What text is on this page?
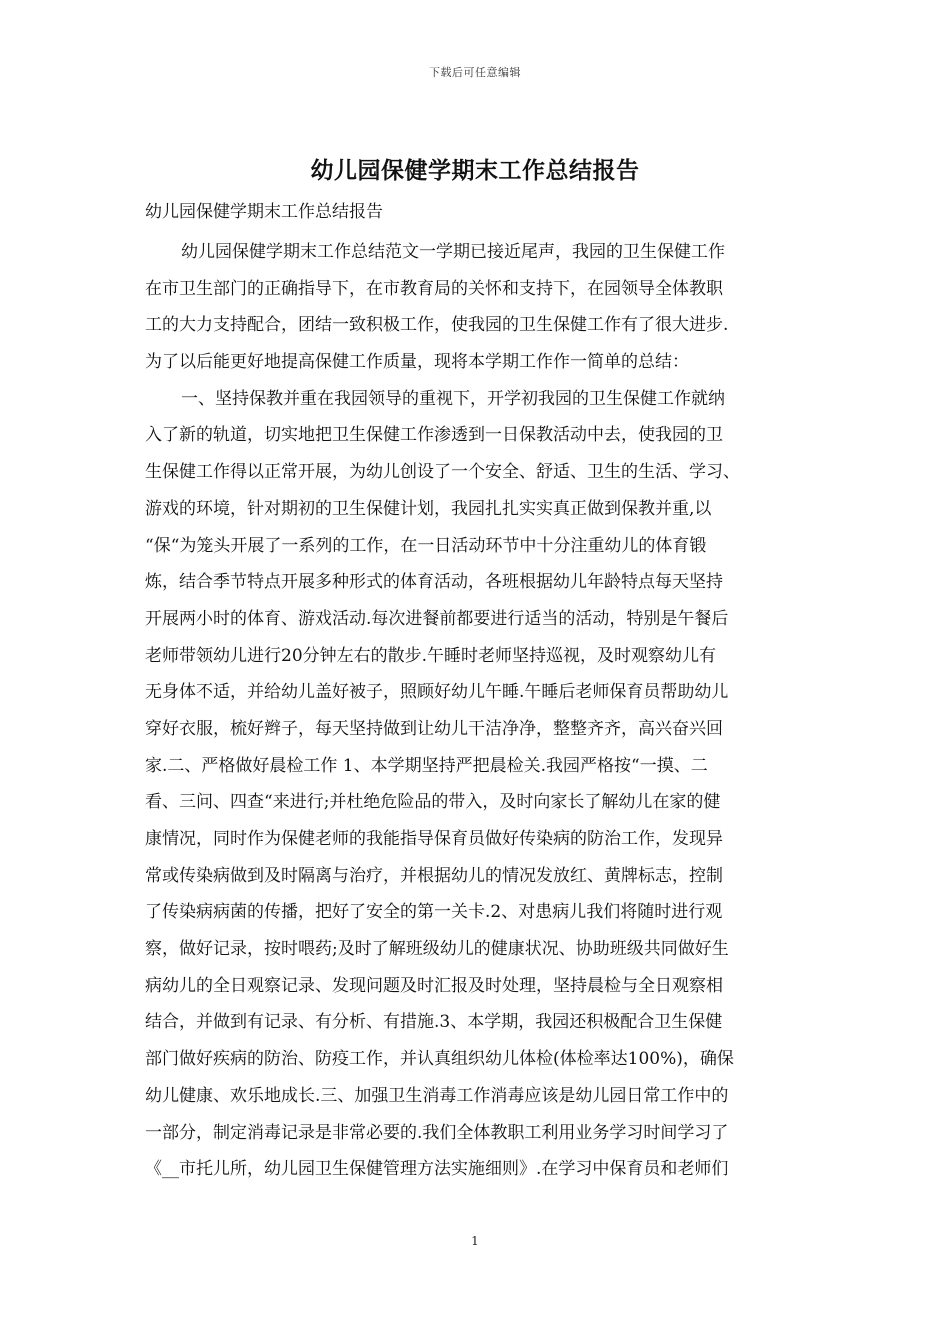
下载后可任意编辑
幼儿园保健学期末工作总结报告
幼儿园保健学期末工作总结报告
幼儿园保健学期末工作总结范文一学期已接近尾声，我园的卫生保健工作
在市卫生部门的正确指导下，在市教育局的关怀和支持下，在园领导全体教职
工的大力支持配合，团结一致积极工作，使我园的卫生保健工作有了很大进步.
为了以后能更好地提高保健工作质量，现将本学期工作作一简单的总结：
一、坚持保教并重在我园领导的重视下，开学初我园的卫生保健工作就纳
入了新的轨道，切实地把卫生保健工作渗透到一日保教活动中去，使我园的卫
生保健工作得以正常开展，为幼儿创设了一个安全、舒适、卫生的生活、学习、
游戏的环境，针对期初的卫生保健计划，我园扎扎实实真正做到保教并重,以
“保“为笼头开展了一系列的工作，在一日活动环节中十分注重幼儿的体育锻
炼，结合季节特点开展多种形式的体育活动，各班根据幼儿年龄特点每天坚持
开展两小时的体育、游戏活动.每次进餐前都要进行适当的活动，特别是午餐后
老师带领幼儿进行20分钟左右的散步.午睡时老师坚持巡视，及时观察幼儿有
无身体不适，并给幼儿盖好被子，照顾好幼儿午睡.午睡后老师保育员帮助幼儿
穿好衣服，梳好辫子，每天坚持做到让幼儿干洁净净，整整齐齐，高兴奋兴回
家.二、严格做好晨检工作 1、本学期坚持严把晨检关.我园严格按“一摸、二
看、三问、四查“来进行;并杜绝危险品的带入，及时向家长了解幼儿在家的健
康情况，同时作为保健老师的我能指导保育员做好传染病的防治工作，发现异
常或传染病做到及时隔离与治疗，并根据幼儿的情况发放红、黄牌标志，控制
了传染病病菌的传播，把好了安全的第一关卡.2、对患病儿我们将随时进行观
察，做好记录，按时喂药;及时了解班级幼儿的健康状况、协助班级共同做好生
病幼儿的全日观察记录、发现问题及时汇报及时处理，坚持晨检与全日观察相
结合，并做到有记录、有分析、有措施.3、本学期，我园还积极配合卫生保健
部门做好疾病的防治、防疫工作，并认真组织幼儿体检(体检率达100%)，确保
幼儿健康、欢乐地成长.三、加强卫生消毒工作消毒应该是幼儿园日常工作中的
一部分，制定消毒记录是非常必要的.我们全体教职工利用业务学习时间学习了
《__市托儿所，幼儿园卫生保健管理方法实施细则》.在学习中保育员和老师们
1
